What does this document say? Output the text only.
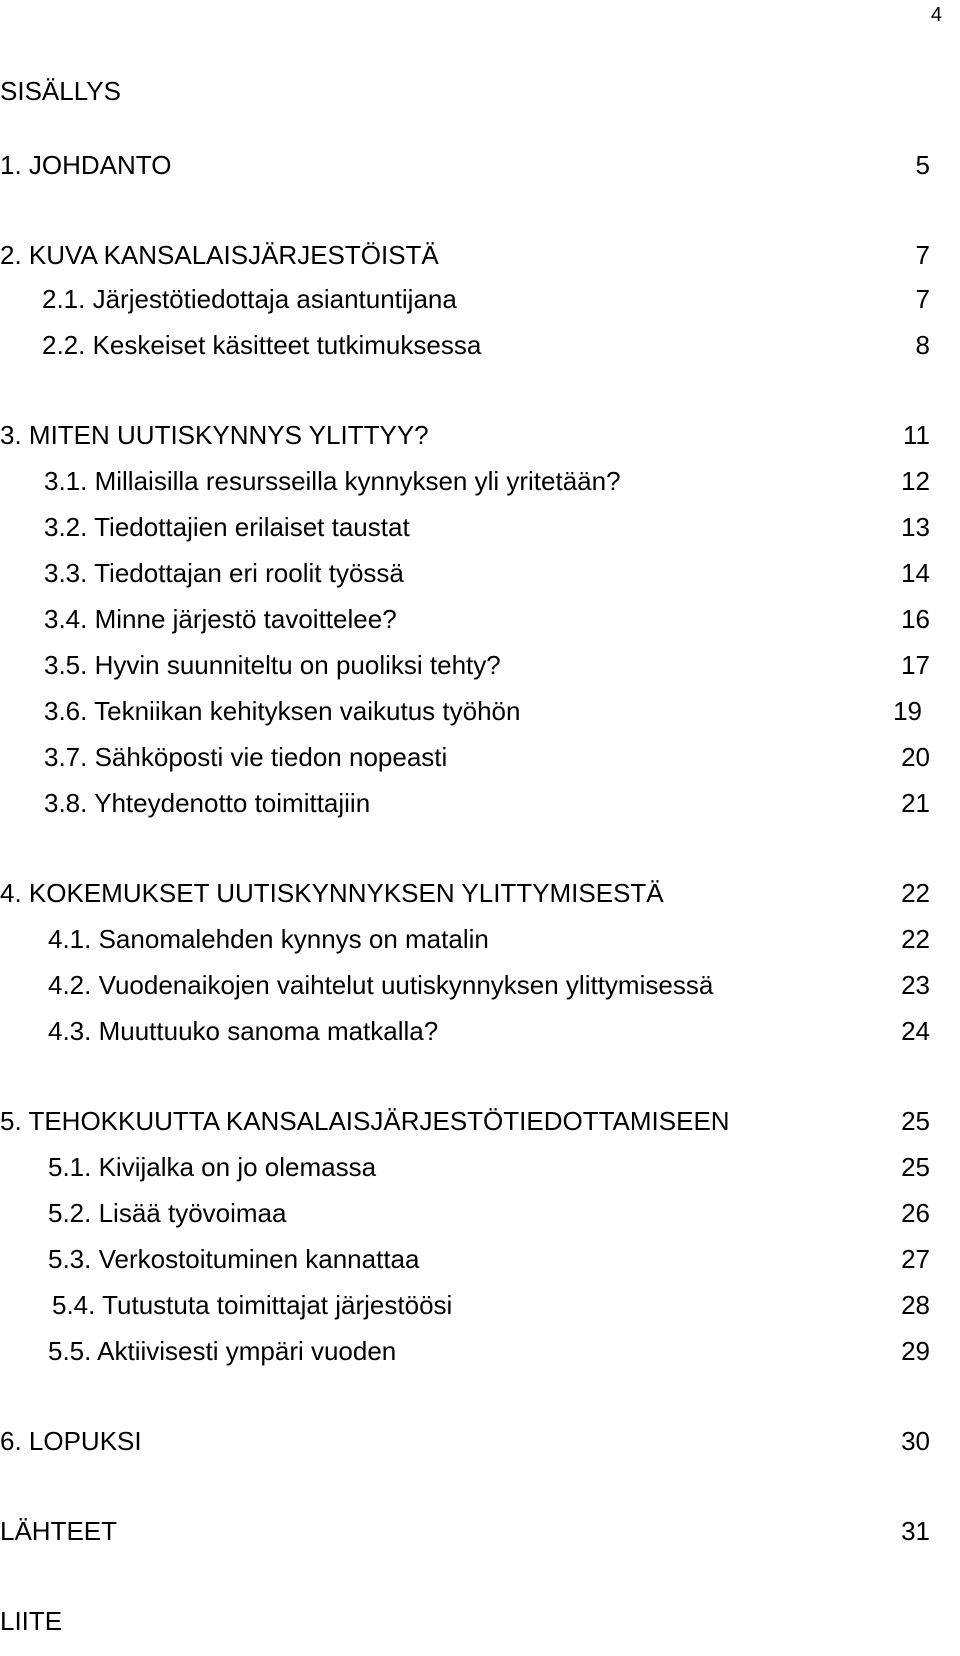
4
SISÄLLYS
1. JOHDANTO	5
2. KUVA KANSALAISJÄRJESTÖISTÄ	7
2.1. Järjestötiedottaja asiantuntijana	7
2.2. Keskeiset käsitteet tutkimuksessa	8
3. MITEN UUTISKYNNYS YLITTYY?	11
3.1. Millaisilla resursseilla kynnyksen yli yritetään?	12
3.2. Tiedottajien erilaiset taustat	13
3.3. Tiedottajan eri roolit työssä	14
3.4. Minne järjestö tavoittelee?	16
3.5. Hyvin suunniteltu on puoliksi tehty?	17
3.6. Tekniikan kehityksen vaikutus työhön	19
3.7. Sähköposti vie tiedon nopeasti	20
3.8. Yhteydenotto toimittajiin	21
4. KOKEMUKSET UUTISKYNNYKSEN YLITTYMISESTÄ	22
4.1. Sanomalehden kynnys on matalin	22
4.2. Vuodenaikojen vaihtelut uutiskynnyksen ylittymisessä	23
4.3. Muuttuuko sanoma matkalla?	24
5. TEHOKKUUTTA KANSALAISJÄRJESTÖTIEDOTTAMISEEN	25
5.1. Kivijalka on jo olemassa	25
5.2. Lisää työvoimaa	26
5.3. Verkostoituminen kannattaa	27
5.4. Tutustuta toimittajat järjestöösi	28
5.5. Aktiivisesti ympäri vuoden	29
6. LOPUKSI	30
LÄHTEET	31
LIITE
